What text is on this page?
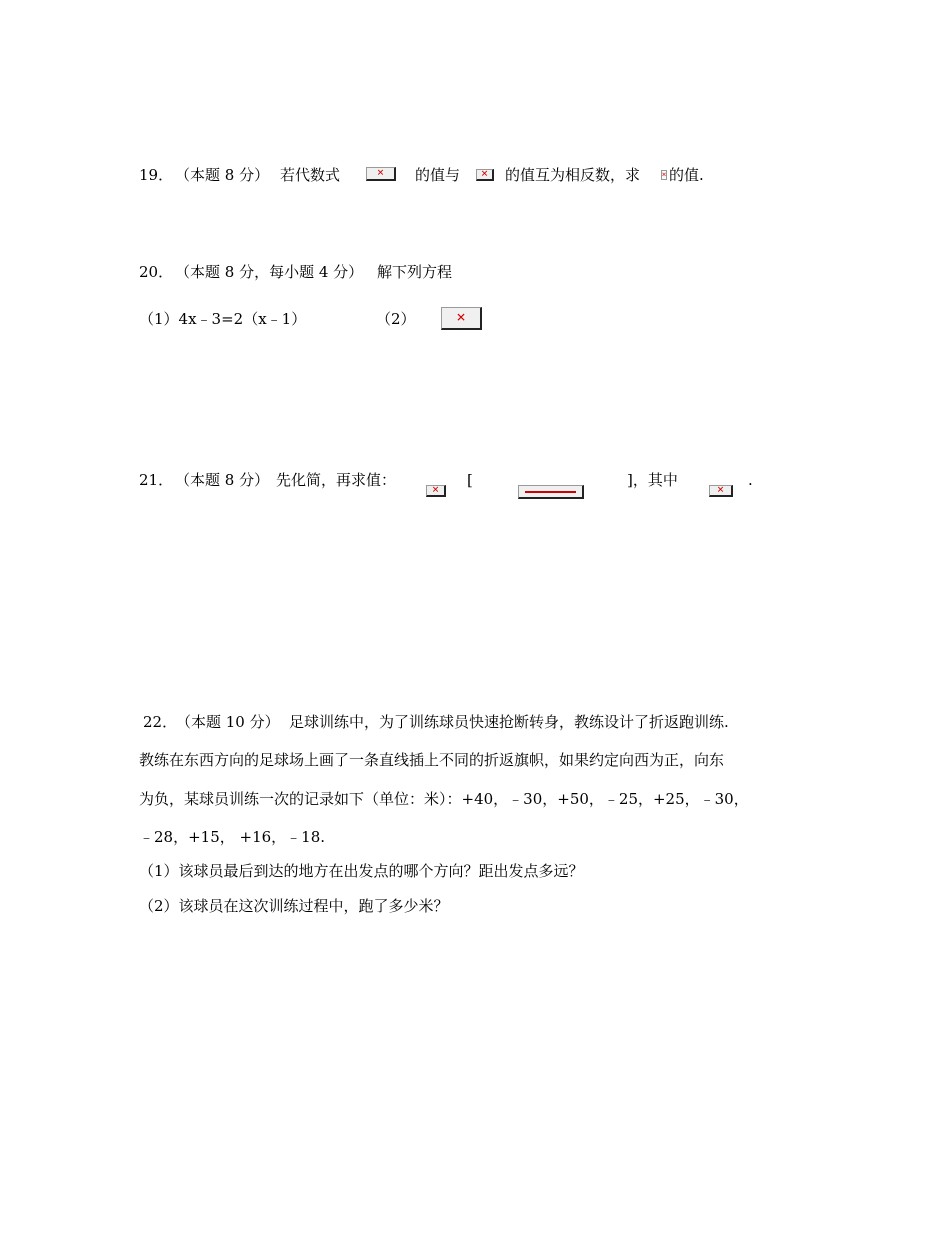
19． （本题 8 分） 若代数式	✕ 的值与 ✕ 的值互为相反数，求	✕ 的值.
20． （本题 8 分，每小题 4 分） 解下列方程
（1）4x﹣3=2（x﹣1）	（2）	✕
21． （本题 8 分） 先化简，再求值：
✕
[	]，其中
✕
.
22．
（本题 10 分） 足球训练中，为了训练球员快速抢断转身，教练设计了折返跑训练.
教练在东西方向的足球场上画了一条直线插上不同的折返旗帜，如果约定向西为正，向东
为负，某球员训练一次的记录如下（单位：米）：+40，﹣30，+50，﹣25，+25，﹣30，
﹣28，+15， +16，﹣18.
（1）该球员最后到达的地方在出发点的哪个方向？距出发点多远？
（2）该球员在这次训练过程中，跑了多少米？
